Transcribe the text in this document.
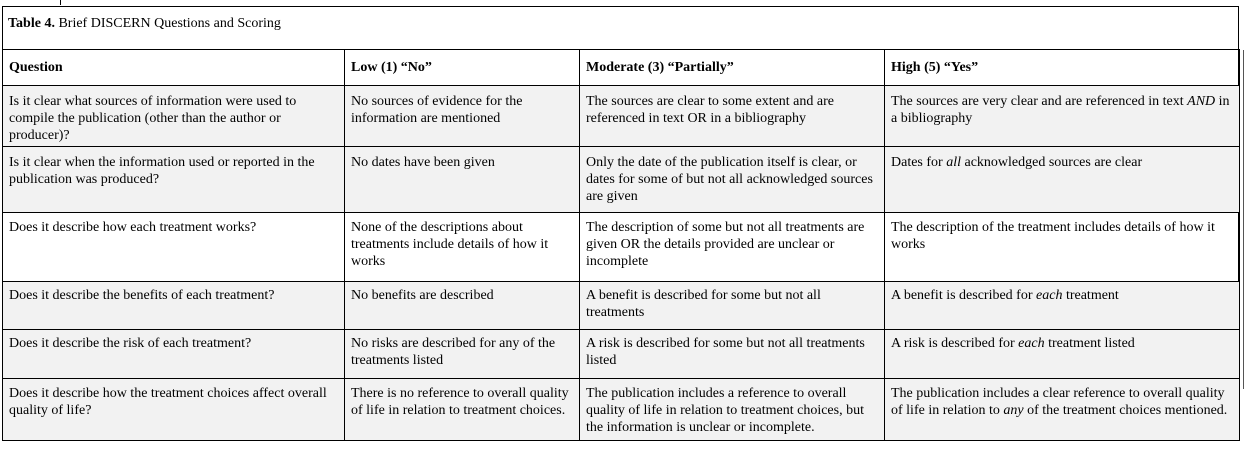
Table 4. Brief DISCERN Questions and Scoring
Question	Low (1) “No”	Moderate (3) “Partially”	High (5) “Yes”
Is it clear what sources of information were used to compile the publication (other than the author or producer)?	No sources of evidence for the information are mentioned	The sources are clear to some extent and are referenced in text OR in a bibliography	The sources are very clear and are referenced in text AND in a bibliography
Is it clear when the information used or reported in the publication was produced?	No dates have been given	Only the date of the publication itself is clear, or dates for some of but not all acknowledged sources are given	Dates for all acknowledged sources are clear
Does it describe how each treatment works?	None of the descriptions about treatments include details of how it works	The description of some but not all treatments are given OR the details provided are unclear or incomplete	The description of the treatment includes details of how it works
Does it describe the benefits of each treatment?	No benefits are described	A benefit is described for some but not all treatments	A benefit is described for each treatment
Does it describe the risk of each treatment?	No risks are described for any of the treatments listed	A risk is described for some but not all treatments listed	A risk is described for each treatment listed
Does it describe how the treatment choices affect overall quality of life?	There is no reference to overall quality of life in relation to treatment choices.	The publication includes a reference to overall quality of life in relation to treatment choices, but the information is unclear or incomplete.	The publication includes a clear reference to overall quality of life in relation to any of the treatment choices mentioned.
